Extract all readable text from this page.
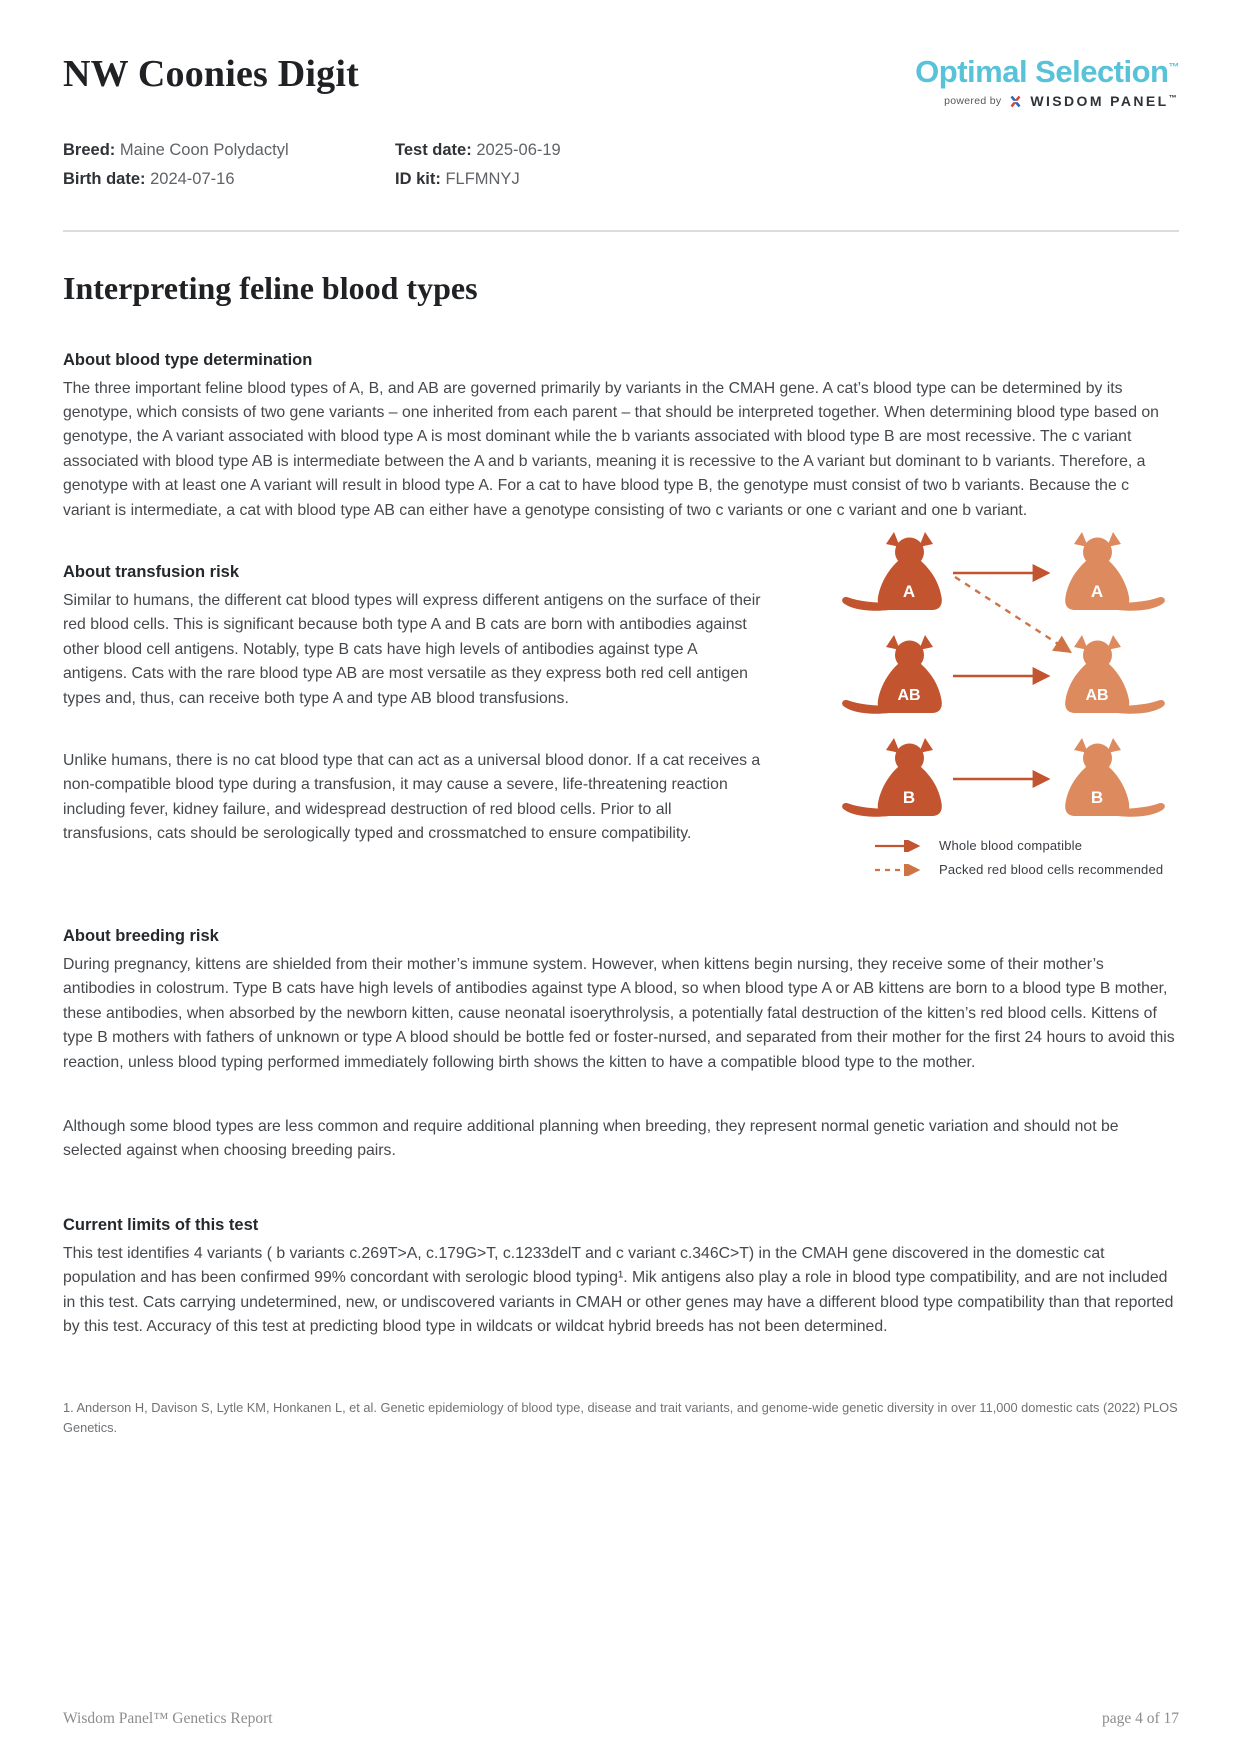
NW Coonies Digit	Optimal Selection™
powered by WISDOM PANEL™
Breed: Maine Coon Polydactyl	Test date: 2025-06-19
Birth date: 2024-07-16	ID kit: FLFMNYJ
Interpreting feline blood types
About blood type determination

The three important feline blood types of A, B, and AB are governed primarily by variants in the CMAH gene. A cat’s blood type can be determined by its genotype, which consists of two gene variants – one inherited from each parent – that should be interpreted together. When determining blood type based on genotype, the A variant associated with blood type A is most dominant while the b variants associated with blood type B are most recessive. The c variant associated with blood type AB is intermediate between the A and b variants, meaning it is recessive to the A variant but dominant to b variants. Therefore, a genotype with at least one A variant will result in blood type A. For a cat to have blood type B, the genotype must consist of two b variants. Because the c variant is intermediate, a cat with blood type AB can either have a genotype consisting of two c variants or one c variant and one b variant.

About transfusion risk

Similar to humans, the different cat blood types will express different antigens on the surface of their red blood cells. This is significant because both type A and B cats are born with antibodies against other blood cell antigens. Notably, type B cats have high levels of antibodies against type A antigens. Cats with the rare blood type AB are most versatile as they express both red cell antigen types and, thus, can receive both type A and type AB blood transfusions.

Unlike humans, there is no cat blood type that can act as a universal blood donor. If a cat receives a non-compatible blood type during a transfusion, it may cause a severe, life-threatening reaction including fever, kidney failure, and widespread destruction of red blood cells. Prior to all transfusions, cats should be serologically typed and crossmatched to ensure compatibility.

A	A
AB	AB
B	B
Whole blood compatible
Packed red blood cells recommended
About breeding risk

During pregnancy, kittens are shielded from their mother’s immune system. However, when kittens begin nursing, they receive some of their mother’s antibodies in colostrum. Type B cats have high levels of antibodies against type A blood, so when blood type A or AB kittens are born to a blood type B mother, these antibodies, when absorbed by the newborn kitten, cause neonatal isoerythrolysis, a potentially fatal destruction of the kitten’s red blood cells. Kittens of type B mothers with fathers of unknown or type A blood should be bottle fed or foster-nursed, and separated from their mother for the first 24 hours to avoid this reaction, unless blood typing performed immediately following birth shows the kitten to have a compatible blood type to the mother.

Although some blood types are less common and require additional planning when breeding, they represent normal genetic variation and should not be selected against when choosing breeding pairs.

Current limits of this test

This test identifies 4 variants ( b variants c.269T>A, c.179G>T, c.1233delT and c variant c.346C>T) in the CMAH gene discovered in the domestic cat population and has been confirmed 99% concordant with serologic blood typing¹. Mik antigens also play a role in blood type compatibility, and are not included in this test. Cats carrying undetermined, new, or undiscovered variants in CMAH or other genes may have a different blood type compatibility than that reported by this test. Accuracy of this test at predicting blood type in wildcats or wildcat hybrid breeds has not been determined.

1. Anderson H, Davison S, Lytle KM, Honkanen L, et al. Genetic epidemiology of blood type, disease and trait variants, and genome-wide genetic diversity in over 11,000 domestic cats (2022) PLOS Genetics.

Wisdom Panel™ Genetics Report	page 4 of 17
